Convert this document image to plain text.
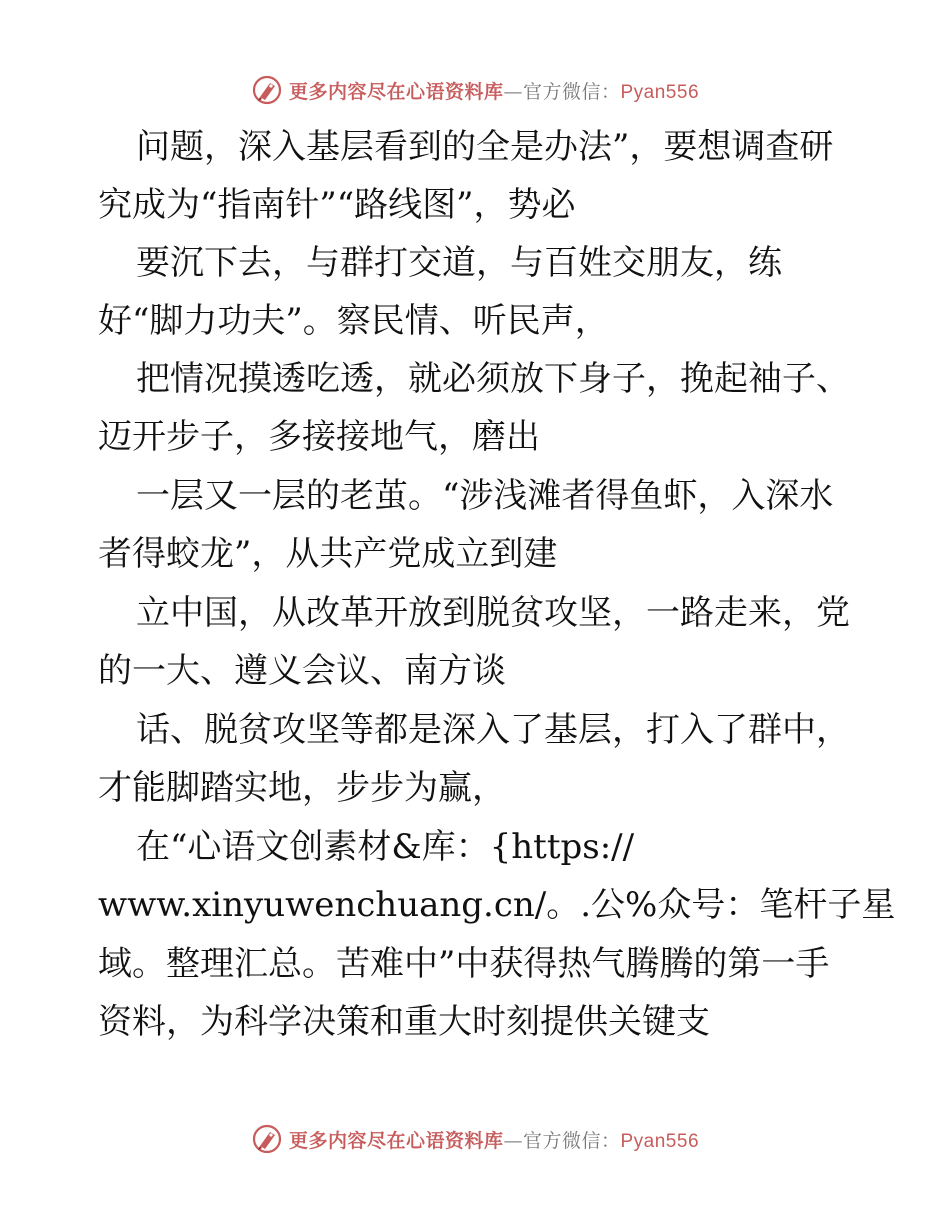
更多内容尽在心语资料库—官方微信：Pyan556
问题，深入基层看到的全是办法”，要想调查研
究成为“指南针”“路线图”，势必
要沉下去，与群打交道，与百姓交朋友，练
好“脚力功夫”。察民情、听民声，
把情况摸透吃透，就必须放下身子，挽起袖子、
迈开步子，多接接地气，磨出
一层又一层的老茧。“涉浅滩者得鱼虾，入深水
者得蛟龙”，从共产党成立到建
立中国，从改革开放到脱贫攻坚，一路走来，党
的一大、遵义会议、南方谈
话、脱贫攻坚等都是深入了基层，打入了群中，
才能脚踏实地，步步为赢，
在“心语文创素材&库：{https://
www.xinyuwenchuang.cn/。.公%众号：笔杆子星
域。整理汇总。苦难中”中获得热气腾腾的第一手
资料，为科学决策和重大时刻提供关键支
更多内容尽在心语资料库—官方微信：Pyan556
